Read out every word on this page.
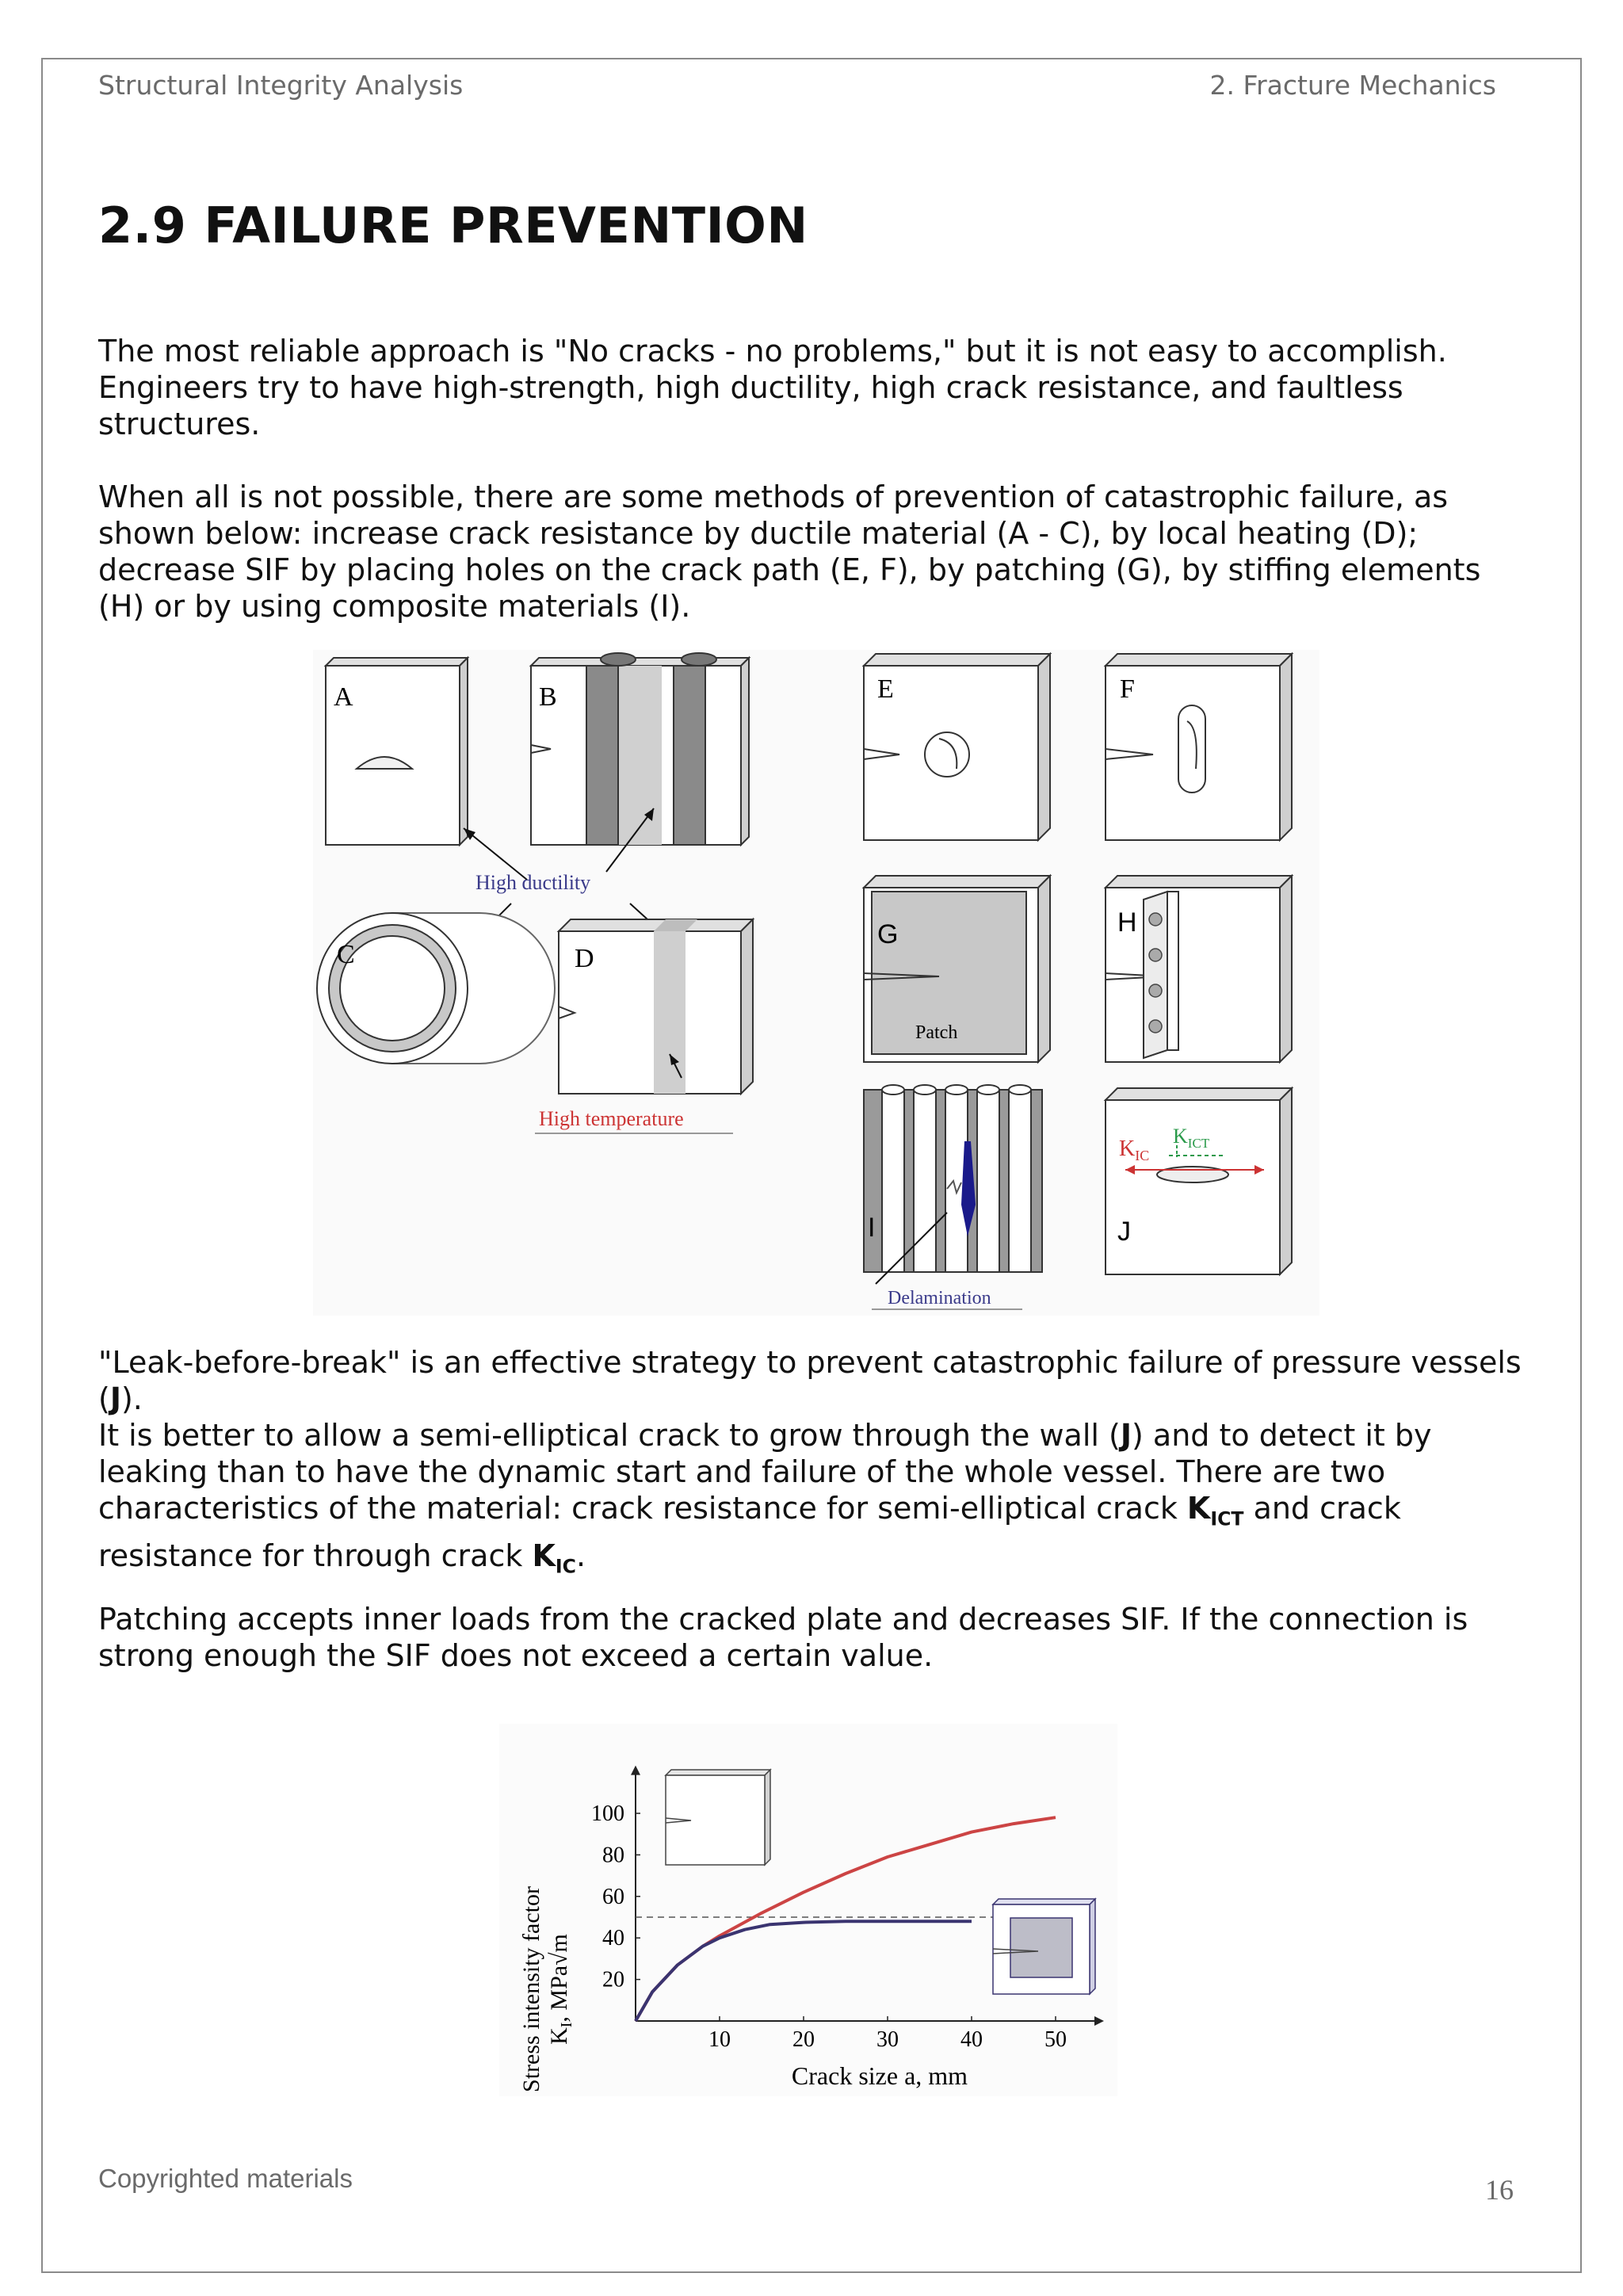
Structural Integrity Analysis	2. Fracture Mechanics
2.9 FAILURE PREVENTION

The most reliable approach is "No cracks - no problems," but it is not easy to accomplish. Engineers try to have high-strength, high ductility, high crack resistance, and faultless structures.

When all is not possible, there are some methods of prevention of catastrophic failure, as shown below: increase crack resistance by ductile material (A - C), by local heating (D); decrease SIF by placing holes on the crack path (E, F), by patching (G), by stiffing elements (H) or by using composite materials (I).

A	B
High ductility
C	D
High temperature
E	F
G
Patch
H
I
Delamination
$K_{IC}$
$K_{ICT}$
J

"Leak-before-break" is an effective strategy to prevent catastrophic failure of pressure vessels (J).
It is better to allow a semi-elliptical crack to grow through the wall (J) and to detect it by leaking than to have the dynamic start and failure of the whole vessel. There are two characteristics of the material: crack resistance for semi-elliptical crack $K_{ICT}$ and crack resistance for through crack $K_{IC}$.

Patching accepts inner loads from the cracked plate and decreases SIF. If the connection is strong enough the SIF does not exceed a certain value.

10	20	30	40	50
20
40
60
80
100
Crack size a, mm
Stress intensity factor $K_I$, MPa√m
Copyrighted materials	16
